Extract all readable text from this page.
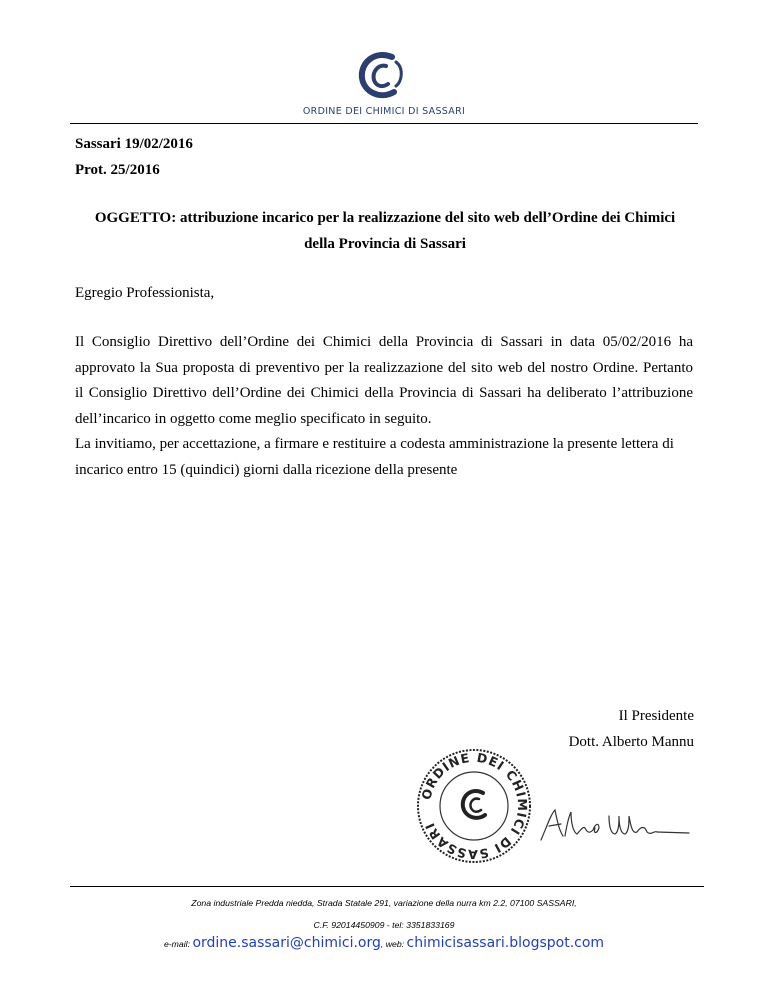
ORDINE DEI CHIMICI DI SASSARI
Sassari 19/02/2016
Prot. 25/2016
OGGETTO: attribuzione incarico per la realizzazione del sito web dell’Ordine dei Chimici
della Provincia di Sassari
Egregio Professionista,

Il Consiglio Direttivo dell’Ordine dei Chimici della Provincia di Sassari in data 05/02/2016 ha

approvato la Sua proposta di preventivo per la realizzazione del sito web del nostro Ordine. Pertanto

il Consiglio Direttivo dell’Ordine dei Chimici della Provincia di Sassari ha deliberato l’attribuzione

dell’incarico in oggetto come meglio specificato in seguito.

La invitiamo, per accettazione, a firmare e restituire a codesta amministrazione la presente lettera di

incarico entro 15 (quindici) giorni dalla ricezione della presente

Il Presidente
Dott. Alberto Mannu
ORDINE DEI CHIMICI DI SASSARI
Zona industriale Predda niedda, Strada Statale 291, variazione della nurra km 2.2, 07100 SASSARI,
C.F. 92014450909 - tel: 3351833169
e-mail: ordine.sassari@chimici.org, web: chimicisassari.blogspot.com
